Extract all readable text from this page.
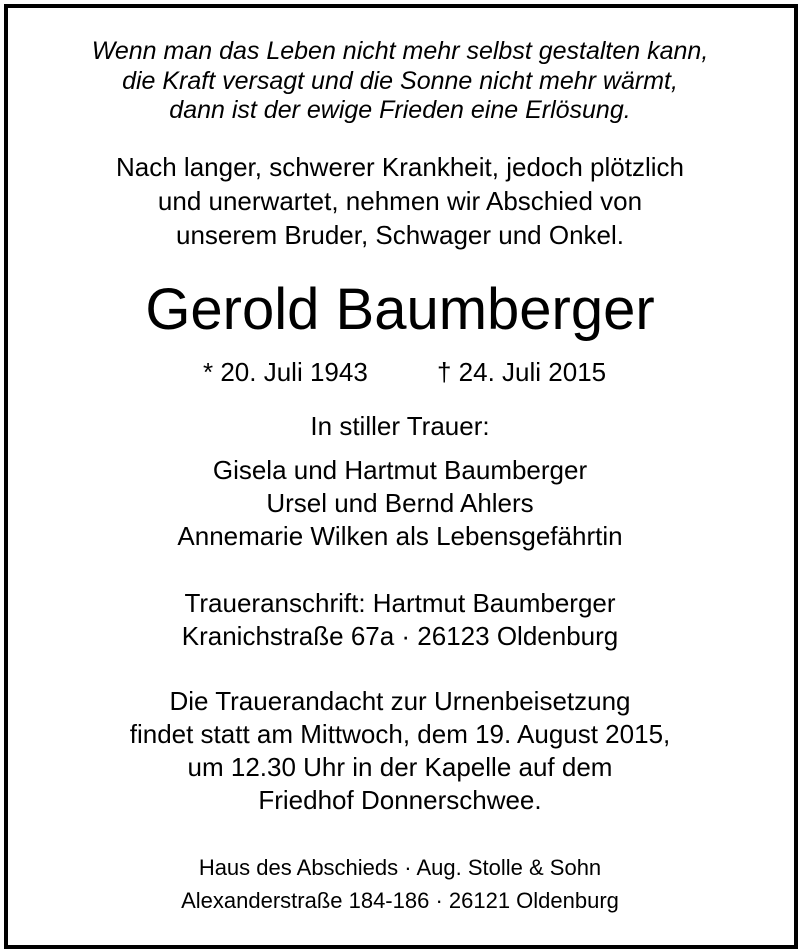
Wenn man das Leben nicht mehr selbst gestalten kann,

die Kraft versagt und die Sonne nicht mehr wärmt,

dann ist der ewige Frieden eine Erlösung.

Nach langer, schwerer Krankheit, jedoch plötzlich

und unerwartet, nehmen wir Abschied von

unserem Bruder, Schwager und Onkel.

Gerold Baumberger

* 20. Juli 1943	† 24. Juli 2015

In stiller Trauer:

Gisela und Hartmut Baumberger

Ursel und Bernd Ahlers

Annemarie Wilken als Lebensgefährtin

Traueranschrift: Hartmut Baumberger

Kranichstraße 67a · 26123 Oldenburg

Die Trauerandacht zur Urnenbeisetzung

findet statt am Mittwoch, dem 19. August 2015,

um 12.30 Uhr in der Kapelle auf dem

Friedhof Donnerschwee.

Haus des Abschieds · Aug. Stolle & Sohn

Alexanderstraße 184-186 · 26121 Oldenburg
